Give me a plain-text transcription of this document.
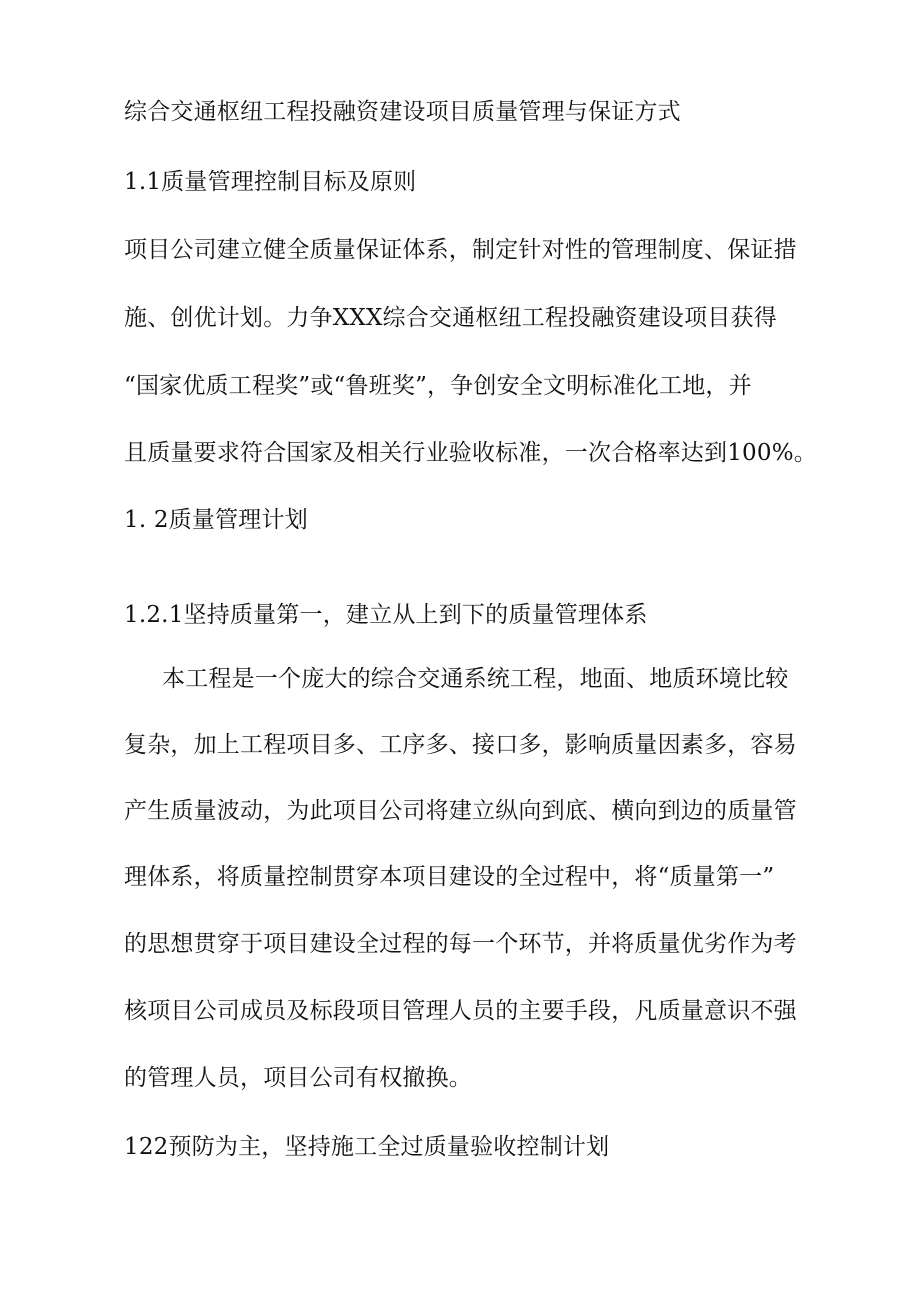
综合交通枢纽工程投融资建设项目质量管理与保证方式
1.1质量管理控制目标及原则
项目公司建立健全质量保证体系，制定针对性的管理制度、保证措
施、创优计划。力争XXX综合交通枢纽工程投融资建设项目获得
“国家优质工程奖”或“鲁班奖”，争创安全文明标准化工地，并
且质量要求符合国家及相关行业验收标准，一次合格率达到100%。
1. 2质量管理计划
1.2.1坚持质量第一，建立从上到下的质量管理体系
本工程是一个庞大的综合交通系统工程，地面、地质环境比较
复杂，加上工程项目多、工序多、接口多，影响质量因素多，容易
产生质量波动，为此项目公司将建立纵向到底、横向到边的质量管
理体系，将质量控制贯穿本项目建设的全过程中，将“质量第一”
的思想贯穿于项目建设全过程的每一个环节，并将质量优劣作为考
核项目公司成员及标段项目管理人员的主要手段，凡质量意识不强
的管理人员，项目公司有权撤换。
122预防为主，坚持施工全过质量验收控制计划
